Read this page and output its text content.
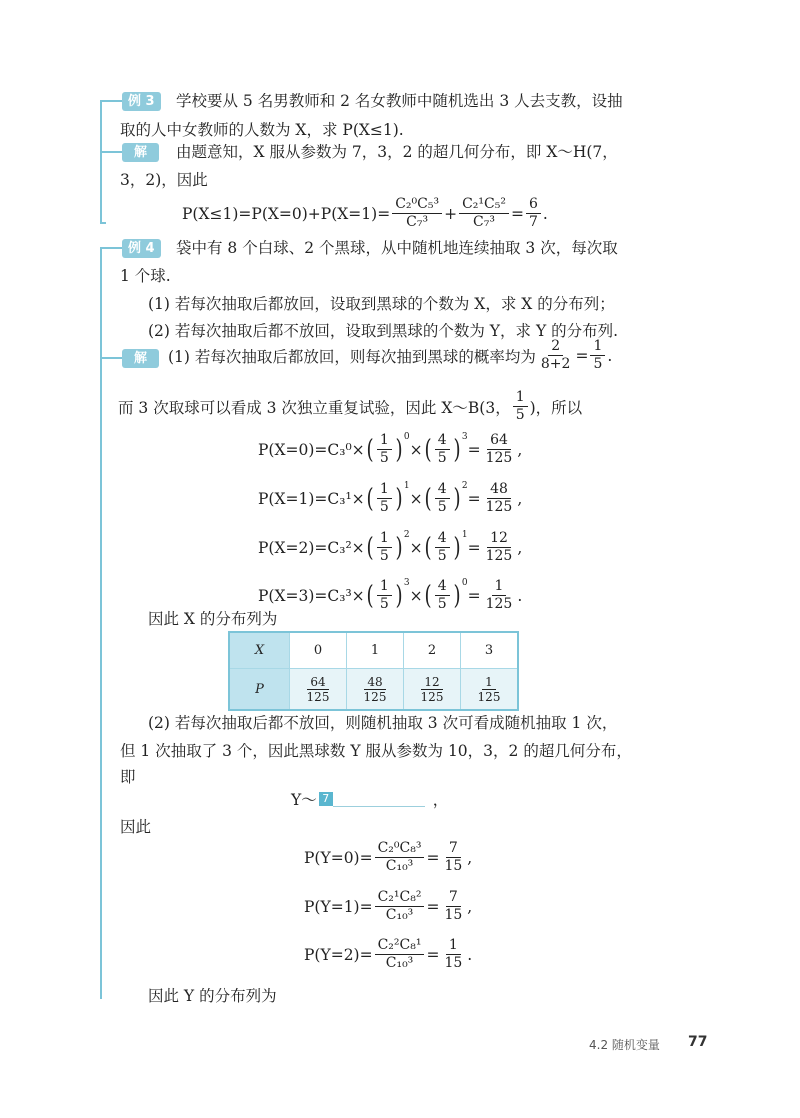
例 3	学校要从 5 名男教师和 2 名女教师中随机选出 3 人去支教，设抽
取的人中女教师的人数为 X，求 P(X≤1).
解	由题意知，X 服从参数为 7，3，2 的超几何分布，即 X～H(7，
3，2)，因此
$P(X\le 1)=P(X=0)+P(X=1)= \frac{\text{C₂⁰C₅³}}{\text{C₇³}} + \frac{\text{C₂¹C₅²}}{\text{C₇³}} = \frac{6}{7}$ .
例 4	袋中有 8 个白球、2 个黑球，从中随机地连续抽取 3 次，每次取
1 个球.
(1) 若每次抽取后都放回，设取到黑球的个数为 X，求 X 的分布列；
(2) 若每次抽取后都不放回，设取到黑球的个数为 Y，求 Y 的分布列.
解	(1) 若每次抽取后都放回，则每次抽到黑球的概率均为 $\frac{2}{8+2} = \frac{1}{5}$ .
而 3 次取球可以看成 3 次独立重复试验，因此 X～B(3， $\frac{1}{5}$ )，所以
P(X=0)=C₃⁰× ( $\frac{1}{5} )^0$
× ( $\frac{4}{5} )^3$
= $\frac{64}{125}$ ,
P(X=1)=C₃¹× ( $\frac{1}{5} )^1$
× ( $\frac{4}{5} )^2$
= $\frac{48}{125}$ ,
P(X=2)=C₃²× ( $\frac{1}{5} )^2$
× ( $\frac{4}{5} )^1$
= $\frac{12}{125}$ ,
P(X=3)=C₃³× ( $\frac{1}{5} )^3$
× ( $\frac{4}{5} )^0$
= $\frac{1}{125}$ .
因此 X 的分布列为
X	0	1	2	3
P	$\frac{64}{125}$	$\frac{48}{125}$	$\frac{12}{125}$	$\frac{1}{125}$
(2) 若每次抽取后都不放回，则随机抽取 3 次可看成随机抽取 1 次，
但 1 次抽取了 3 个，因此黑球数 Y 服从参数为 10，3，2 的超几何分布，
即
Y～ 7	，
因此
$P(Y=0)= \frac{\text{C₂⁰C₈³}}{\text{C₁₀³}} = \frac{7}{15}$ ,
$P(Y=1)= \frac{\text{C₂¹C₈²}}{\text{C₁₀³}} = \frac{7}{15}$ ,
$P(Y=2)= \frac{\text{C₂²C₈¹}}{\text{C₁₀³}} = \frac{1}{15}$ .
因此 Y 的分布列为
4.2 随机变量 77
